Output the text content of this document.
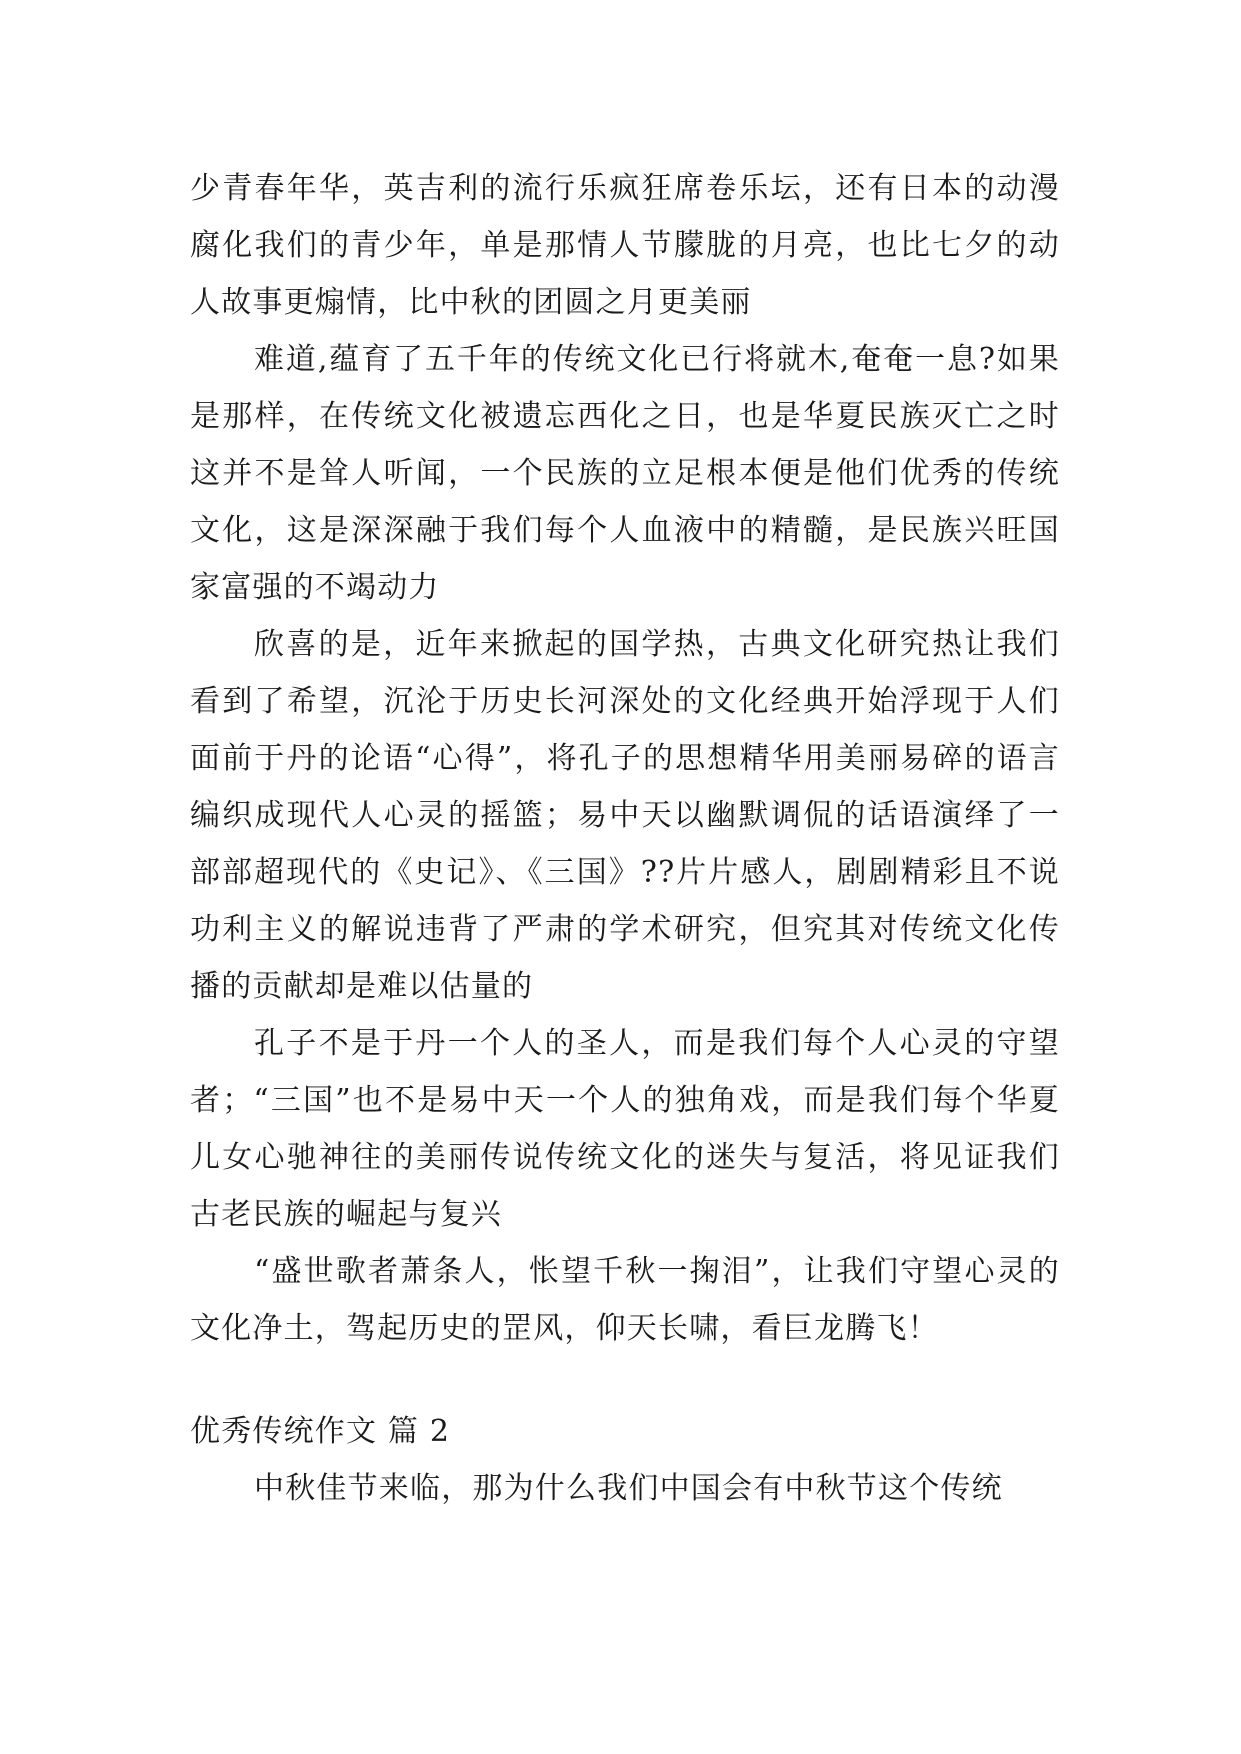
少青春年华，英吉利的流行乐疯狂席卷乐坛，还有日本的动漫腐化我们的青少年，单是那情人节朦胧的月亮，也比七夕的动人故事更煽情，比中秋的团圆之月更美丽

难道,蕴育了五千年的传统文化已行将就木,奄奄一息?如果是那样，在传统文化被遗忘西化之日，也是华夏民族灭亡之时这并不是耸人听闻，一个民族的立足根本便是他们优秀的传统文化，这是深深融于我们每个人血液中的精髓，是民族兴旺国家富强的不竭动力

欣喜的是，近年来掀起的国学热，古典文化研究热让我们看到了希望，沉沦于历史长河深处的文化经典开始浮现于人们面前于丹的论语“心得”，将孔子的思想精华用美丽易碎的语言编织成现代人心灵的摇篮；易中天以幽默调侃的话语演绎了一部部超现代的《史记》、《三国》??片片感人，剧剧精彩且不说功利主义的解说违背了严肃的学术研究，但究其对传统文化传播的贡献却是难以估量的

孔子不是于丹一个人的圣人，而是我们每个人心灵的守望者；“三国”也不是易中天一个人的独角戏，而是我们每个华夏儿女心驰神往的美丽传说传统文化的迷失与复活，将见证我们古老民族的崛起与复兴

“盛世歌者萧条人，怅望千秋一掬泪”，让我们守望心灵的文化净土，驾起历史的罡风，仰天长啸，看巨龙腾飞！

优秀传统作文 篇 2

中秋佳节来临，那为什么我们中国会有中秋节这个传统
